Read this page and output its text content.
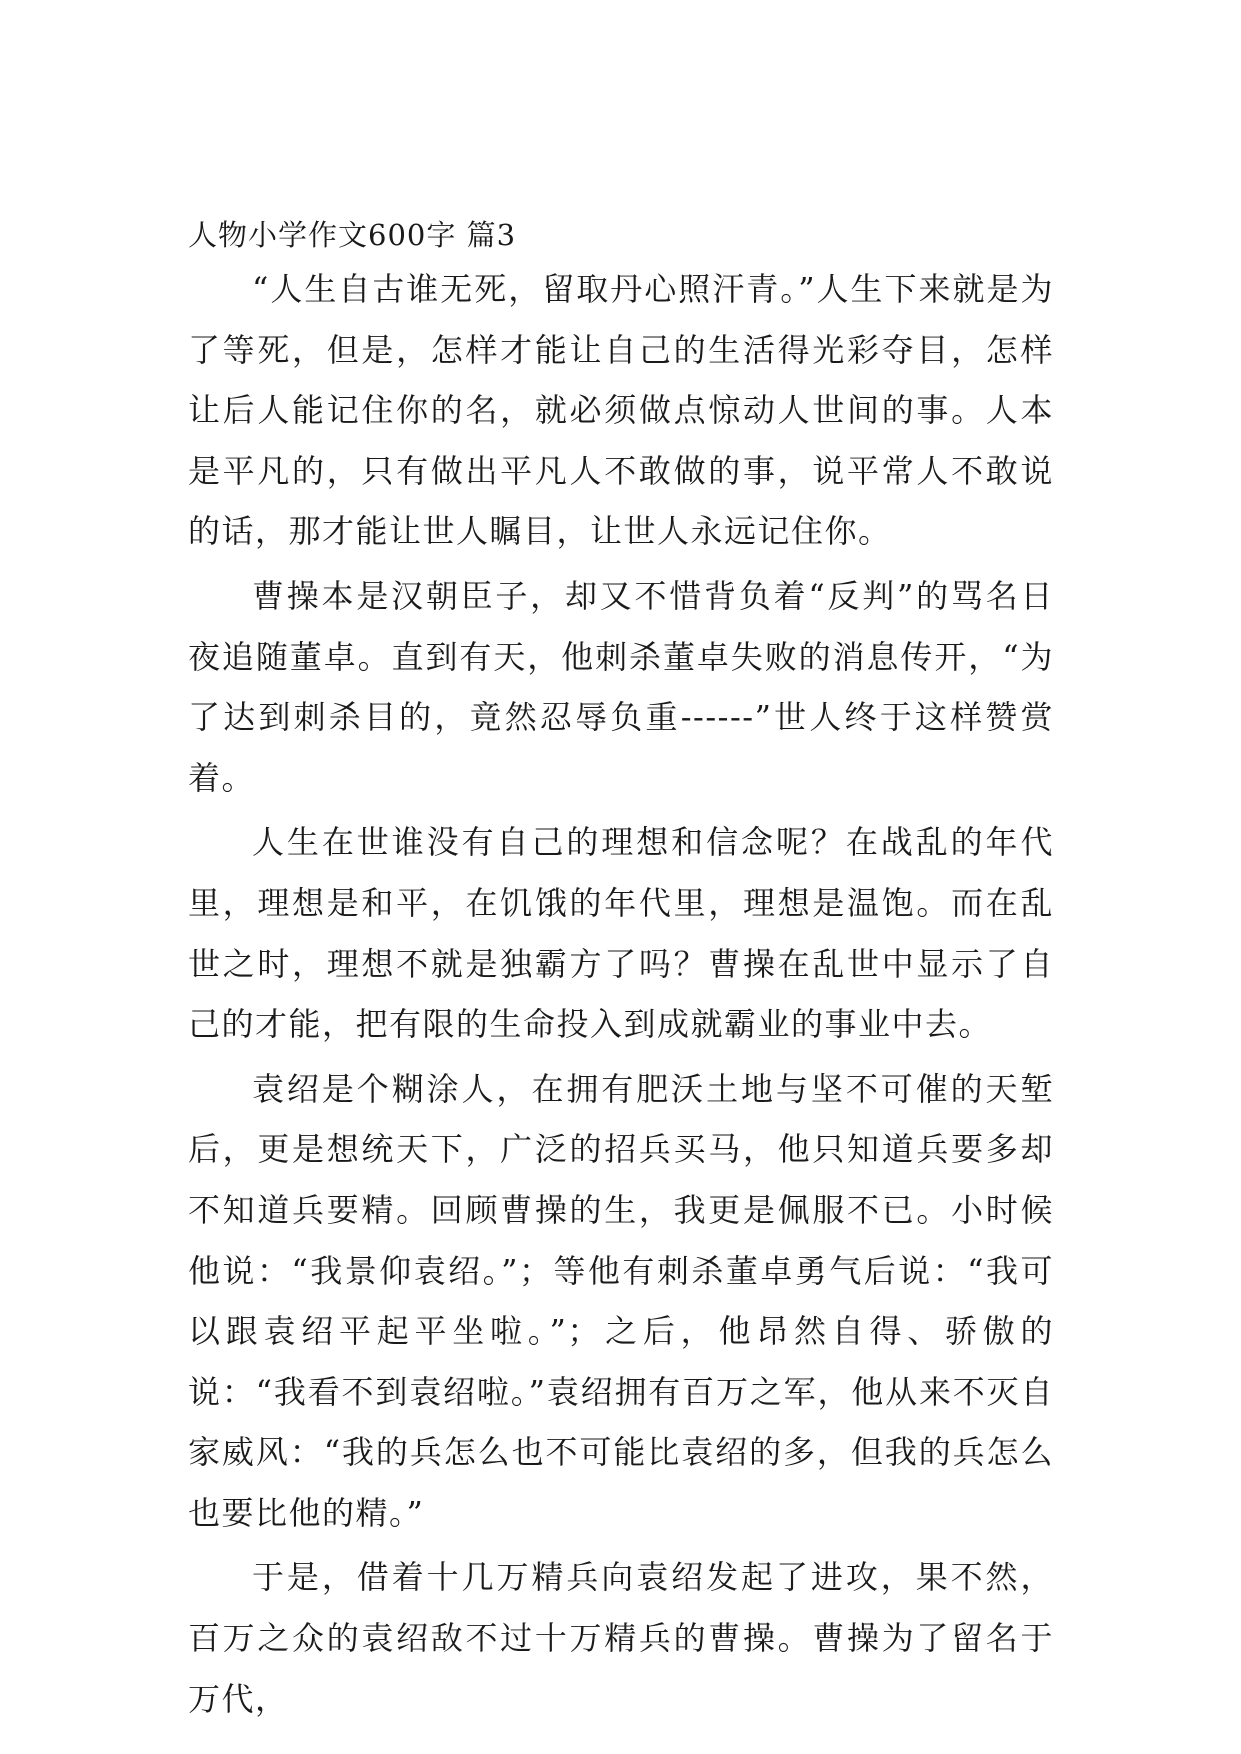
人物小学作文600字 篇3

“人生自古谁无死，留取丹心照汗青。”人生下来就是为了等死，但是，怎样才能让自己的生活得光彩夺目，怎样让后人能记住你的名，就必须做点惊动人世间的事。人本是平凡的，只有做出平凡人不敢做的事，说平常人不敢说的话，那才能让世人瞩目，让世人永远记住你。

曹操本是汉朝臣子，却又不惜背负着“反判”的骂名日夜追随董卓。直到有天，他刺杀董卓失败的消息传开，“为了达到刺杀目的，竟然忍辱负重------”世人终于这样赞赏着。

人生在世谁没有自己的理想和信念呢？在战乱的年代里，理想是和平，在饥饿的年代里，理想是温饱。而在乱世之时，理想不就是独霸方了吗？曹操在乱世中显示了自己的才能，把有限的生命投入到成就霸业的事业中去。

袁绍是个糊涂人，在拥有肥沃土地与坚不可催的天堑后，更是想统天下，广泛的招兵买马，他只知道兵要多却不知道兵要精。回顾曹操的生，我更是佩服不已。小时候他说：“我景仰袁绍。”；等他有刺杀董卓勇气后说：“我可以跟袁绍平起平坐啦。”；之后，他昂然自得、骄傲的说：“我看不到袁绍啦。”袁绍拥有百万之军，他从来不灭自家威风：“我的兵怎么也不可能比袁绍的多，但我的兵怎么也要比他的精。”

于是，借着十几万精兵向袁绍发起了进攻，果不然，百万之众的袁绍敌不过十万精兵的曹操。曹操为了留名于万代，
